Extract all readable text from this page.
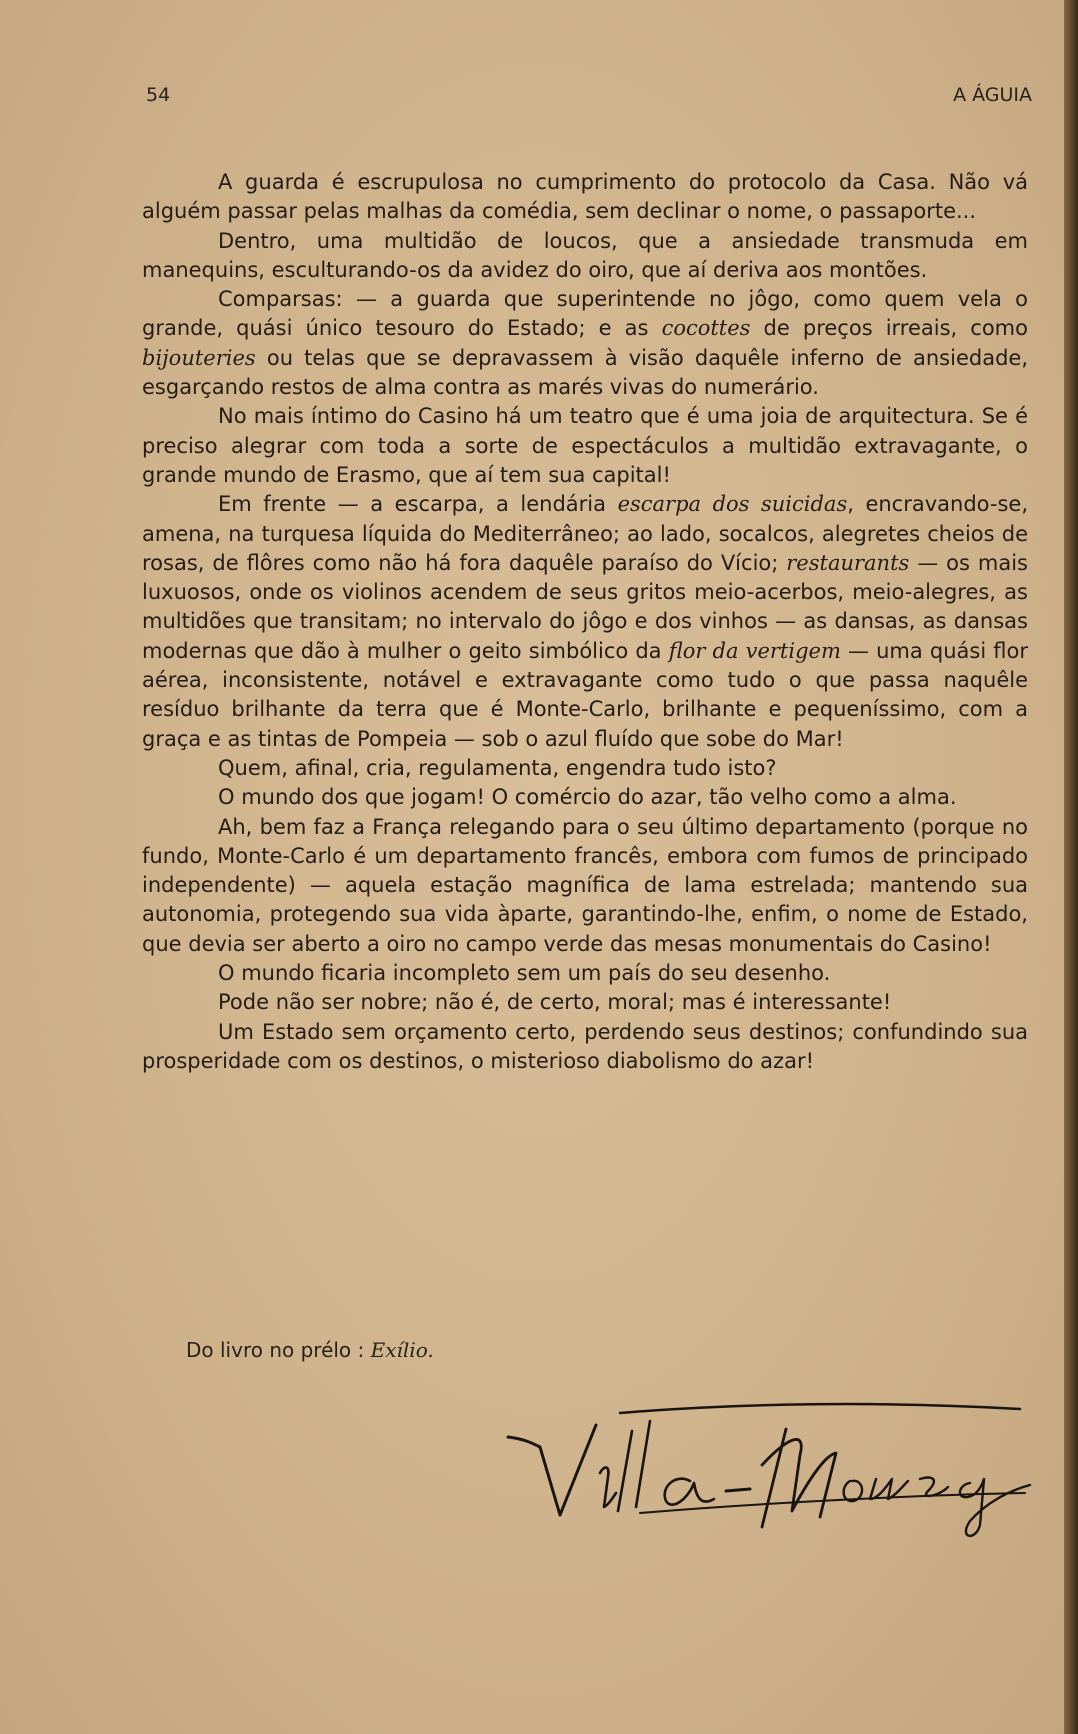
54	A ÁGUIA

A guarda é escrupulosa no cumprimento do protocolo da Casa. Não vá alguém passar pelas malhas da comédia, sem declinar o nome, o passaporte...

Dentro, uma multidão de loucos, que a ansiedade transmuda em manequins, esculturando-os da avidez do oiro, que aí deriva aos montões.

Comparsas: — a guarda que superintende no jôgo, como quem vela o grande, quási único tesouro do Estado; e as cocottes de preços irreais, como bijouteries ou telas que se depravassem à visão daquêle inferno de ansiedade, esgarçando restos de alma contra as marés vivas do numerário.

No mais íntimo do Casino há um teatro que é uma joia de arquitectura. Se é preciso alegrar com toda a sorte de espectáculos a multidão extravagante, o grande mundo de Erasmo, que aí tem sua capital!

Em frente — a escarpa, a lendária escarpa dos suicidas, encravando-se, amena, na turquesa líquida do Mediterrâneo; ao lado, socalcos, alegretes cheios de rosas, de flôres como não há fora daquêle paraíso do Vício; restaurants — os mais luxuosos, onde os violinos acendem de seus gritos meio-acerbos, meio-alegres, as multidões que transitam; no intervalo do jôgo e dos vinhos — as dansas, as dansas modernas que dão à mulher o geito simbólico da flor da vertigem — uma quási flor aérea, inconsistente, notável e extravagante como tudo o que passa naquêle resíduo brilhante da terra que é Monte-Carlo, brilhante e pequeníssimo, com a graça e as tintas de Pompeia — sob o azul fluído que sobe do Mar!

Quem, afinal, cria, regulamenta, engendra tudo isto?

O mundo dos que jogam! O comércio do azar, tão velho como a alma.

Ah, bem faz a França relegando para o seu último departamento (porque no fundo, Monte-Carlo é um departamento francês, embora com fumos de principado independente) — aquela estação magnífica de lama estrelada; mantendo sua autonomia, protegendo sua vida àparte, garantindo-lhe, enfim, o nome de Estado, que devia ser aberto a oiro no campo verde das mesas monumentais do Casino!

O mundo ficaria incompleto sem um país do seu desenho.

Pode não ser nobre; não é, de certo, moral; mas é interessante!

Um Estado sem orçamento certo, perdendo seus destinos; confundindo sua prosperidade com os destinos, o misterioso diabolismo do azar!

Do livro no prélo : Exílio.
